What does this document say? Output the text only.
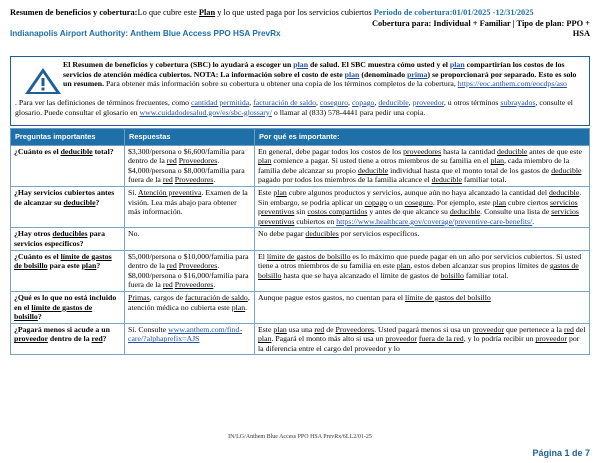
Resumen de beneficios y cobertura:Lo que cubre este Plan y lo que usted paga por los servicios cubiertos Periodo de cobertura:01/01/2025 -12/31/2025
Cobertura para: Individual + Familiar | Tipo de plan: PPO +
Indianapolis Airport Authority: Anthem Blue Access PPO HSA PrevRx	HSA
El Resumen de beneficios y cobertura (SBC) lo ayudará a escoger un plan de salud. El SBC muestra cómo usted y el plan compartirían los costos de los servicios de atención médica cubiertos. NOTA: La información sobre el costo de este plan (denominado prima) se proporcionará por separado. Esto es solo un resumen. Para obtener más información sobre su cobertura u obtener una copia de los términos completos de la cobertura, https://eoc.anthem.com/eocdps/aso
. Para ver las definiciones de términos frecuentes, como cantidad permitida, facturación de saldo, coseguro, copago, deducible, proveedor, u otros términos subrayados, consulte el glosario. Puede consultar el glosario en www.cuidadodesalud.gov/es/sbc-glossary/ o llamar al (833) 578-4441 para pedir una copia.
Preguntas importantes	Respuestas	Por qué es importante:
¿Cuánto es el deducible total?	$3,300/persona o $6,600/familia para dentro de la red Proveedores. $4,000/persona o $8,000/familia para fuera de la red Proveedores.	En general, debe pagar todos los costos de los proveedores hasta la cantidad deducible antes de que este plan comience a pagar. Si usted tiene a otros miembros de su familia en el plan, cada miembro de la familia debe alcanzar su propio deducible individual hasta que el monto total de los gastos de deducible pagado por todos los miembros de la familia alcance el deducible familiar total.
¿Hay servicios cubiertos antes de alcanzar su deducible?	Sí. Atención preventiva. Examen de la visión. Lea más abajo para obtener más información.	Este plan cubre algunos productos y servicios, aunque aún no haya alcanzado la cantidad del deducible. Sin embargo, se podría aplicar un copago o un coseguro. Por ejemplo, este plan cubre ciertos servicios preventivos sin costos compartidos y antes de que alcance su deducible. Consulte una lista de servicios preventivos cubiertos en https://www.healthcare.gov/coverage/preventive-care-benefits/.
¿Hay otros deducibles para servicios específicos?	No.	No debe pagar deducibles por servicios específicos.
¿Cuánto es el límite de gastos de bolsillo para este plan?	$5,000/persona o $10,000/familia para dentro de la red Proveedores. $8,000/persona o $16,000/familia para fuera de la red Proveedores.	El límite de gastos de bolsillo es lo máximo que puede pagar en un año por servicios cubiertos. Si usted tiene a otros miembros de su familia en este plan, estos deben alcanzar sus propios límites de gastos de bolsillo hasta que se haya alcanzado el límite de gastos de bolsillo familiar total.
¿Qué es lo que no está incluido en el límite de gastos de bolsillo?	Primas, cargos de facturación de saldo, atención médica no cubierta este plan.	Aunque pague estos gastos, no cuentan para el límite de gastos del bolsillo
¿Pagará menos si acude a un proveedor dentro de la red?	Sí. Consulte www.anthem.com/find-care/?alphaprefix=AJS	Este plan usa una red de Proveedores. Usted pagará menos si usa un proveedor que pertenece a la red del plan. Pagará el monto más alto si usa un proveedor fuera de la red, y lo podría recibir un proveedor por la diferencia entre el cargo del proveedor y lo
IN/LG/Anthem Blue Access PPO HSA PrevRx/6LL2/01-25
Página 1 de 7
